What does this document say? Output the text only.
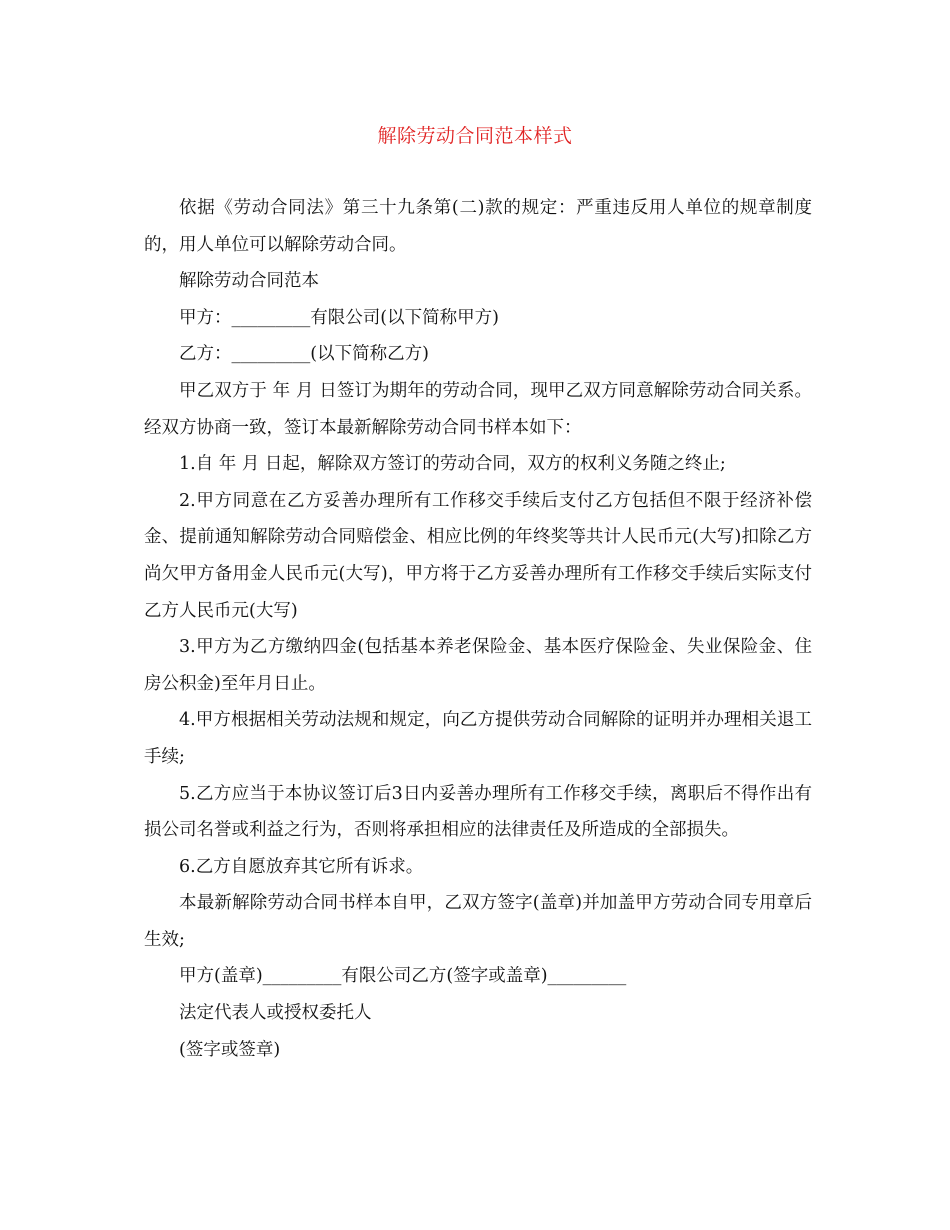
解除劳动合同范本样式

依据《劳动合同法》第三十九条第(二)款的规定：严重违反用人单位的规章制度的，用人单位可以解除劳动合同。

解除劳动合同范本

甲方：_________有限公司(以下简称甲方)

乙方：_________(以下简称乙方)

甲乙双方于 年 月 日签订为期年的劳动合同，现甲乙双方同意解除劳动合同关系。经双方协商一致，签订本最新解除劳动合同书样本如下：

1.自 年 月 日起，解除双方签订的劳动合同，双方的权利义务随之终止;

2.甲方同意在乙方妥善办理所有工作移交手续后支付乙方包括但不限于经济补偿金、提前通知解除劳动合同赔偿金、相应比例的年终奖等共计人民币元(大写)扣除乙方尚欠甲方备用金人民币元(大写)，甲方将于乙方妥善办理所有工作移交手续后实际支付乙方人民币元(大写)

3.甲方为乙方缴纳四金(包括基本养老保险金、基本医疗保险金、失业保险金、住房公积金)至年月日止。

4.甲方根据相关劳动法规和规定，向乙方提供劳动合同解除的证明并办理相关退工手续;

5.乙方应当于本协议签订后3日内妥善办理所有工作移交手续，离职后不得作出有损公司名誉或利益之行为，否则将承担相应的法律责任及所造成的全部损失。

6.乙方自愿放弃其它所有诉求。

本最新解除劳动合同书样本自甲，乙双方签字(盖章)并加盖甲方劳动合同专用章后生效;

甲方(盖章)_________有限公司乙方(签字或盖章)_________

法定代表人或授权委托人

(签字或签章)
